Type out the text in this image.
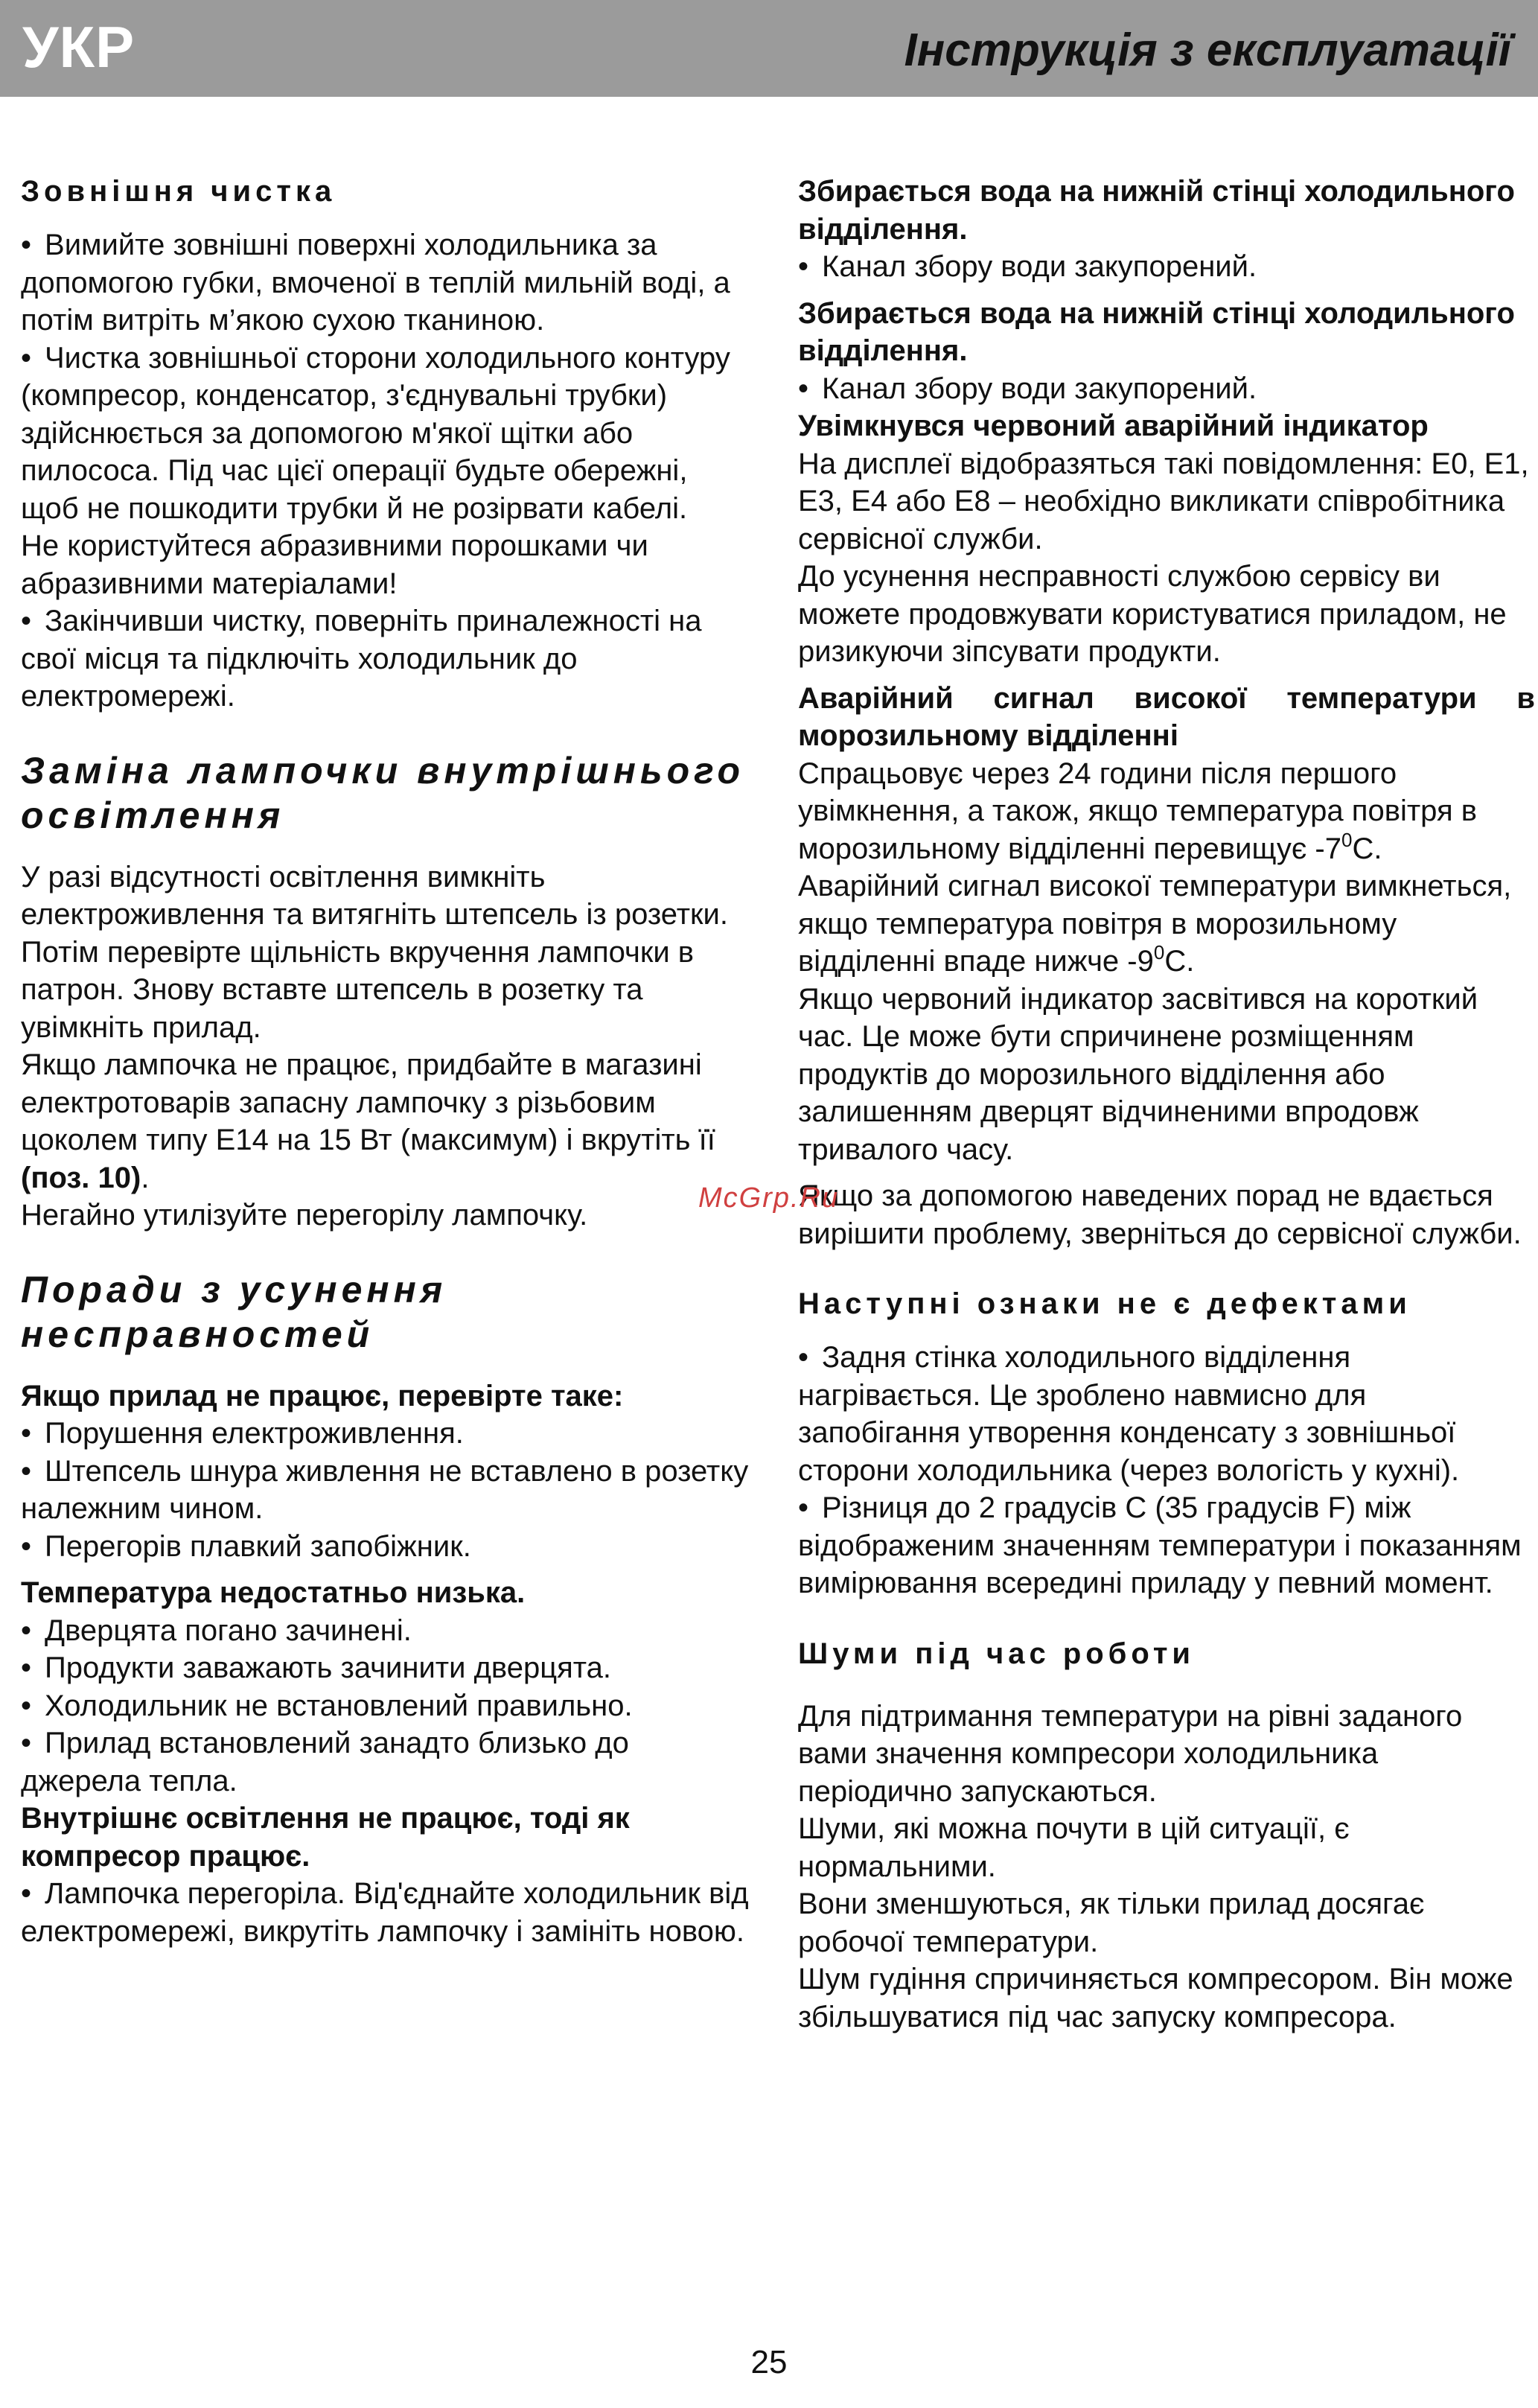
УКР	Інструкція з експлуатації

Зовнішня чистка

• Вимийте зовнішні поверхні холодильника за допомогою губки, вмоченої в теплій мильній воді, а потім витріть м’якою сухою тканиною.

• Чистка зовнішньої сторони холодильного контуру (компресор, конденсатор, з'єднувальні трубки) здійснюється за допомогою м'якої щітки або пилососа. Під час цієї операції будьте обережні, щоб не пошкодити трубки й не розірвати кабелі.

Не користуйтеся абразивними порошками чи абразивними матеріалами!

• Закінчивши чистку, поверніть приналежності на свої місця та підключіть холодильник до електромережі.

Заміна лампочки внутрішнього освітлення

У разі відсутності освітлення вимкніть електроживлення та витягніть штепсель із розетки.

Потім перевірте щільність вкручення лампочки в патрон. Знову вставте штепсель в розетку та увімкніть прилад.

Якщо лампочка не працює, придбайте в магазині електротоварів запасну лампочку з різьбовим цоколем типу E14 на 15 Вт (максимум) і вкрутіть її (поз. 10).

Негайно утилізуйте перегорілу лампочку.

Поради з усунення несправностей

Якщо прилад не працює, перевірте таке:

• Порушення електроживлення.

• Штепсель шнура живлення не вставлено в розетку належним чином.

• Перегорів плавкий запобіжник.

Температура недостатньо низька.

• Дверцята погано зачинені.

• Продукти заважають зачинити дверцята.

• Холодильник не встановлений правильно.

• Прилад встановлений занадто близько до джерела тепла.

Внутрішнє освітлення не працює, тоді як компресор працює.

• Лампочка перегоріла. Від'єднайте холодильник від електромережі, викрутіть лампочку і замініть новою.

Збирається вода на нижній стінці холодильного відділення.

• Канал збору води закупорений.

Збирається вода на нижній стінці холодильного відділення.

• Канал збору води закупорений.

Увімкнувся червоний аварійний індикатор

На дисплеї відобразяться такі повідомлення: E0, E1, E3, E4 або E8 – необхідно викликати співробітника сервісної служби.

До усунення несправності службою сервісу ви можете продовжувати користуватися приладом, не ризикуючи зіпсувати продукти.

Аварійний сигнал високої температури в

морозильному відділенні

Спрацьовує через 24 години після першого увімкнення, а також, якщо температура повітря в морозильному відділенні перевищує $-7^0C$.

Аварійний сигнал високої температури вимкнеться, якщо температура повітря в морозильному відділенні впаде нижче $-9^0C$.

Якщо червоний індикатор засвітився на короткий час. Це може бути спричинене розміщенням продуктів до морозильного відділення або залишенням дверцят відчиненими впродовж тривалого часу.

Якщо за допомогою наведених порад не вдається вирішити проблему, зверніться до сервісної служби.

Наступні ознаки не є дефектами

• Задня стінка холодильного відділення нагрівається. Це зроблено навмисно для запобігання утворення конденсату з зовнішньої сторони холодильника (через вологість у кухні).

• Різниця до 2 градусів C (35 градусів F) між відображеним значенням температури і показанням вимірювання всередині приладу у певний момент.

Шуми під час роботи

Для підтримання температури на рівні заданого вами значення компресори холодильника періодично запускаються.

Шуми, які можна почути в цій ситуації, є нормальними.

Вони зменшуються, як тільки прилад досягає робочої температури.

Шум гудіння спричиняється компресором. Він може збільшуватися під час запуску компресора.

McGrp.Ru
25
